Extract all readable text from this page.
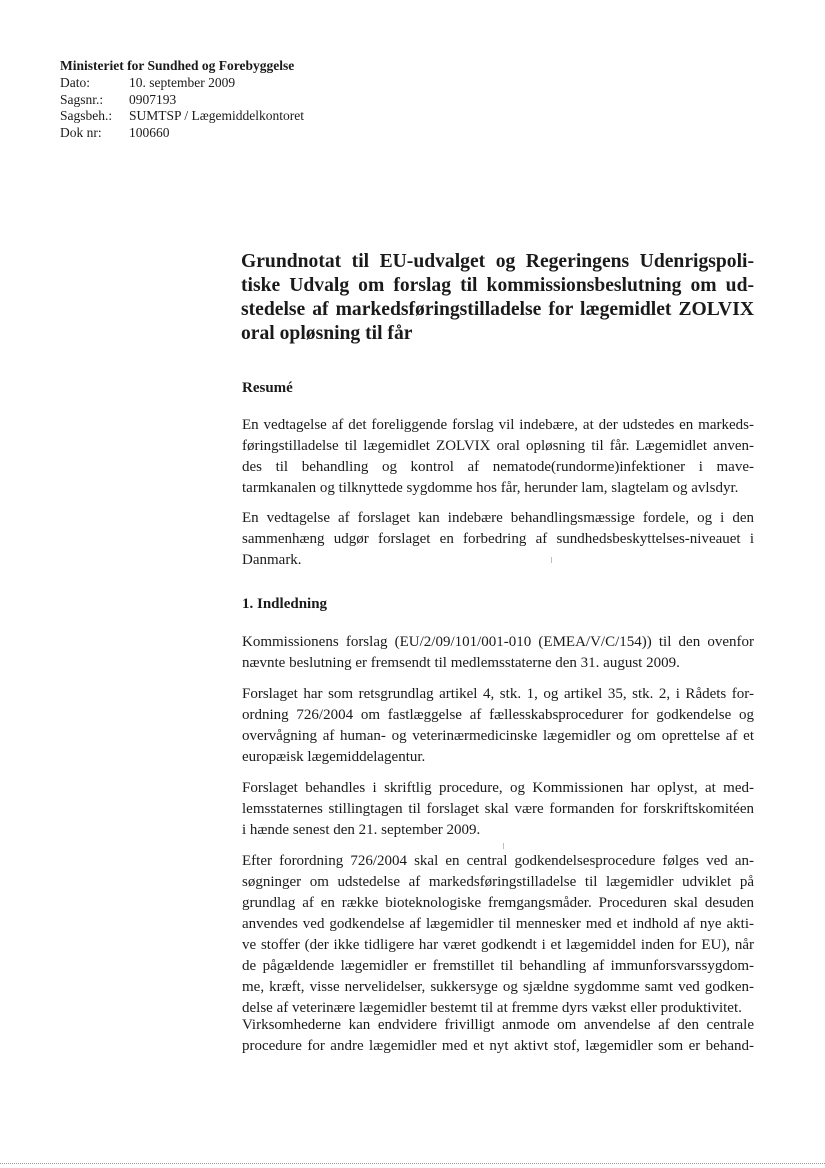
Ministeriet for Sundhed og Forebyggelse
Dato:	10. september 2009
Sagsnr.:	0907193
Sagsbeh.:	SUMTSP / Lægemiddelkontoret
Dok nr:	100660
Grundnotat til EU-udvalget og Regeringens Udenrigspoli-
tiske Udvalg om forslag til kommissionsbeslutning om ud-
stedelse af markedsføringstilladelse for lægemidlet ZOLVIX
oral opløsning til får
Resumé
En vedtagelse af det foreliggende forslag vil indebære, at der udstedes en markeds-
føringstilladelse til lægemidlet ZOLVIX oral opløsning til får. Lægemidlet anven-
des til behandling og kontrol af nematode(rundorme)infektioner i mave-
tarmkanalen og tilknyttede sygdomme hos får, herunder lam, slagtelam og avlsdyr.
En vedtagelse af forslaget kan indebære behandlingsmæssige fordele, og i den
sammenhæng udgør forslaget en forbedring af sundhedsbeskyttelses-niveauet i
Danmark.
1. Indledning
Kommissionens forslag (EU/2/09/101/001-010 (EMEA/V/C/154)) til den ovenfor
nævnte beslutning er fremsendt til medlemsstaterne den 31. august 2009.
Forslaget har som retsgrundlag artikel 4, stk. 1, og artikel 35, stk. 2, i Rådets for-
ordning 726/2004 om fastlæggelse af fællesskabsprocedurer for godkendelse og
overvågning af human- og veterinærmedicinske lægemidler og om oprettelse af et
europæisk lægemiddelagentur.
Forslaget behandles i skriftlig procedure, og Kommissionen har oplyst, at med-
lemsstaternes stillingtagen til forslaget skal være formanden for forskriftskomitéen
i hænde senest den 21. september 2009.
Efter forordning 726/2004 skal en central godkendelsesprocedure følges ved an-
søgninger om udstedelse af markedsføringstilladelse til lægemidler udviklet på
grundlag af en række bioteknologiske fremgangsmåder. Proceduren skal desuden
anvendes ved godkendelse af lægemidler til mennesker med et indhold af nye akti-
ve stoffer (der ikke tidligere har været godkendt i et lægemiddel inden for EU), når
de pågældende lægemidler er fremstillet til behandling af immunforsvarssygdom-
me, kræft, visse nervelidelser, sukkersyge og sjældne sygdomme samt ved godken-
delse af veterinære lægemidler bestemt til at fremme dyrs vækst eller produktivitet.
Virksomhederne kan endvidere frivilligt anmode om anvendelse af den centrale
procedure for andre lægemidler med et nyt aktivt stof, lægemidler som er behand-
